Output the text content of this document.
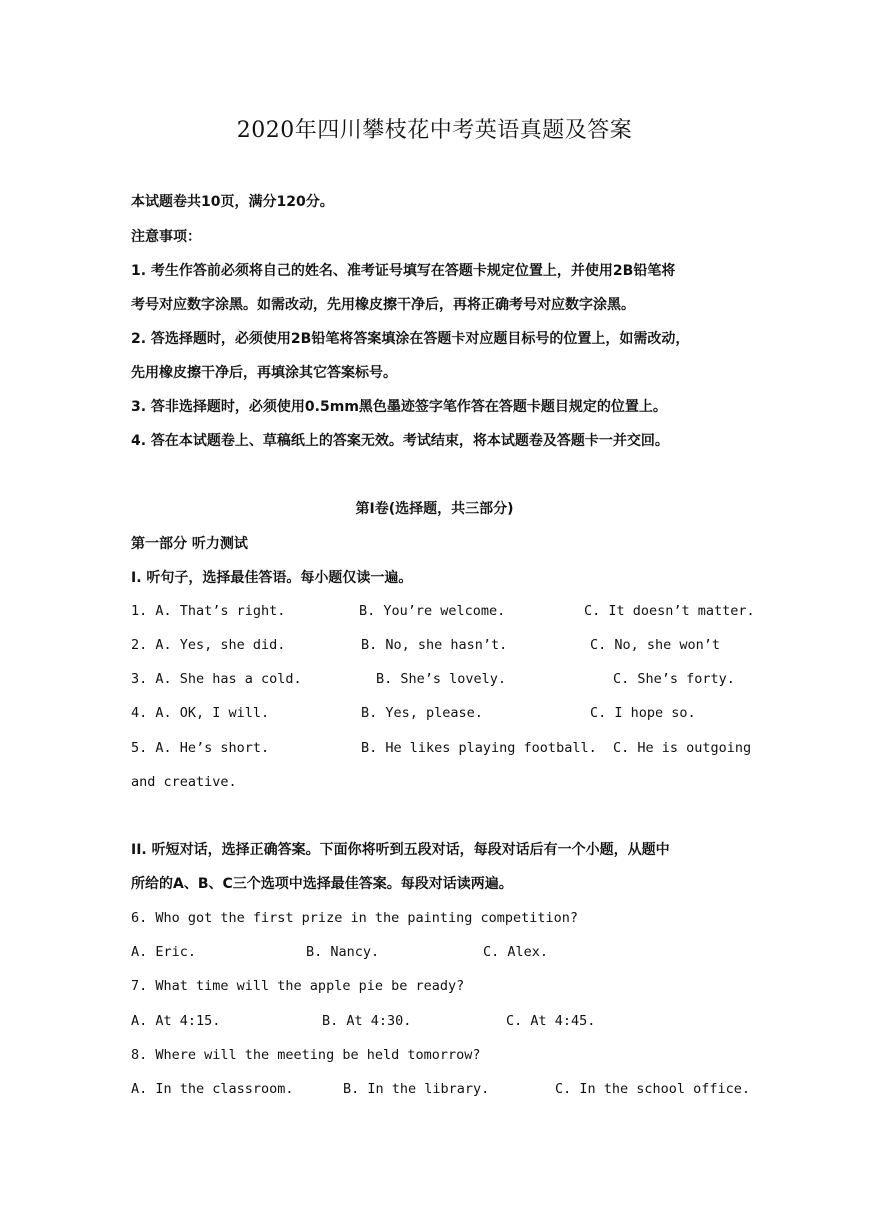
2020年四川攀枝花中考英语真题及答案
本试题卷共10页，满分120分。
注意事项：
1. 考生作答前必须将自己的姓名、准考证号填写在答题卡规定位置上，并使用2B铅笔将
考号对应数字涂黑。如需改动，先用橡皮擦干净后，再将正确考号对应数字涂黑。
2. 答选择题时，必须使用2B铅笔将答案填涂在答题卡对应题目标号的位置上，如需改动，
先用橡皮擦干净后，再填涂其它答案标号。
3. 答非选择题时，必须使用0.5mm黑色墨迹签字笔作答在答题卡题目规定的位置上。
4. 答在本试题卷上、草稿纸上的答案无效。考试结束，将本试题卷及答题卡一并交回。
第I卷(选择题，共三部分)
第一部分 听力测试
I. 听句子，选择最佳答语。每小题仅读一遍。
1. A. That’s right.	B. You’re welcome.	C. It doesn’t matter.
2. A. Yes, she did.	B. No, she hasn’t.	C. No, she won’t
3. A. She has a cold.	B. She’s lovely.	C. She’s forty.
4. A. OK, I will.	B. Yes, please.	C. I hope so.
5. A. He’s short.	B. He likes playing football. C. He is outgoing
and creative.
II. 听短对话，选择正确答案。下面你将听到五段对话，每段对话后有一个小题，从题中
所给的A、B、C三个选项中选择最佳答案。每段对话读两遍。
6. Who got the first prize in the painting competition?
A. Eric.	B. Nancy.	C. Alex.
7. What time will the apple pie be ready?
A. At 4:15.	B. At 4:30.	C. At 4:45.
8. Where will the meeting be held tomorrow?
A. In the classroom.	B. In the library.	C. In the school office.
